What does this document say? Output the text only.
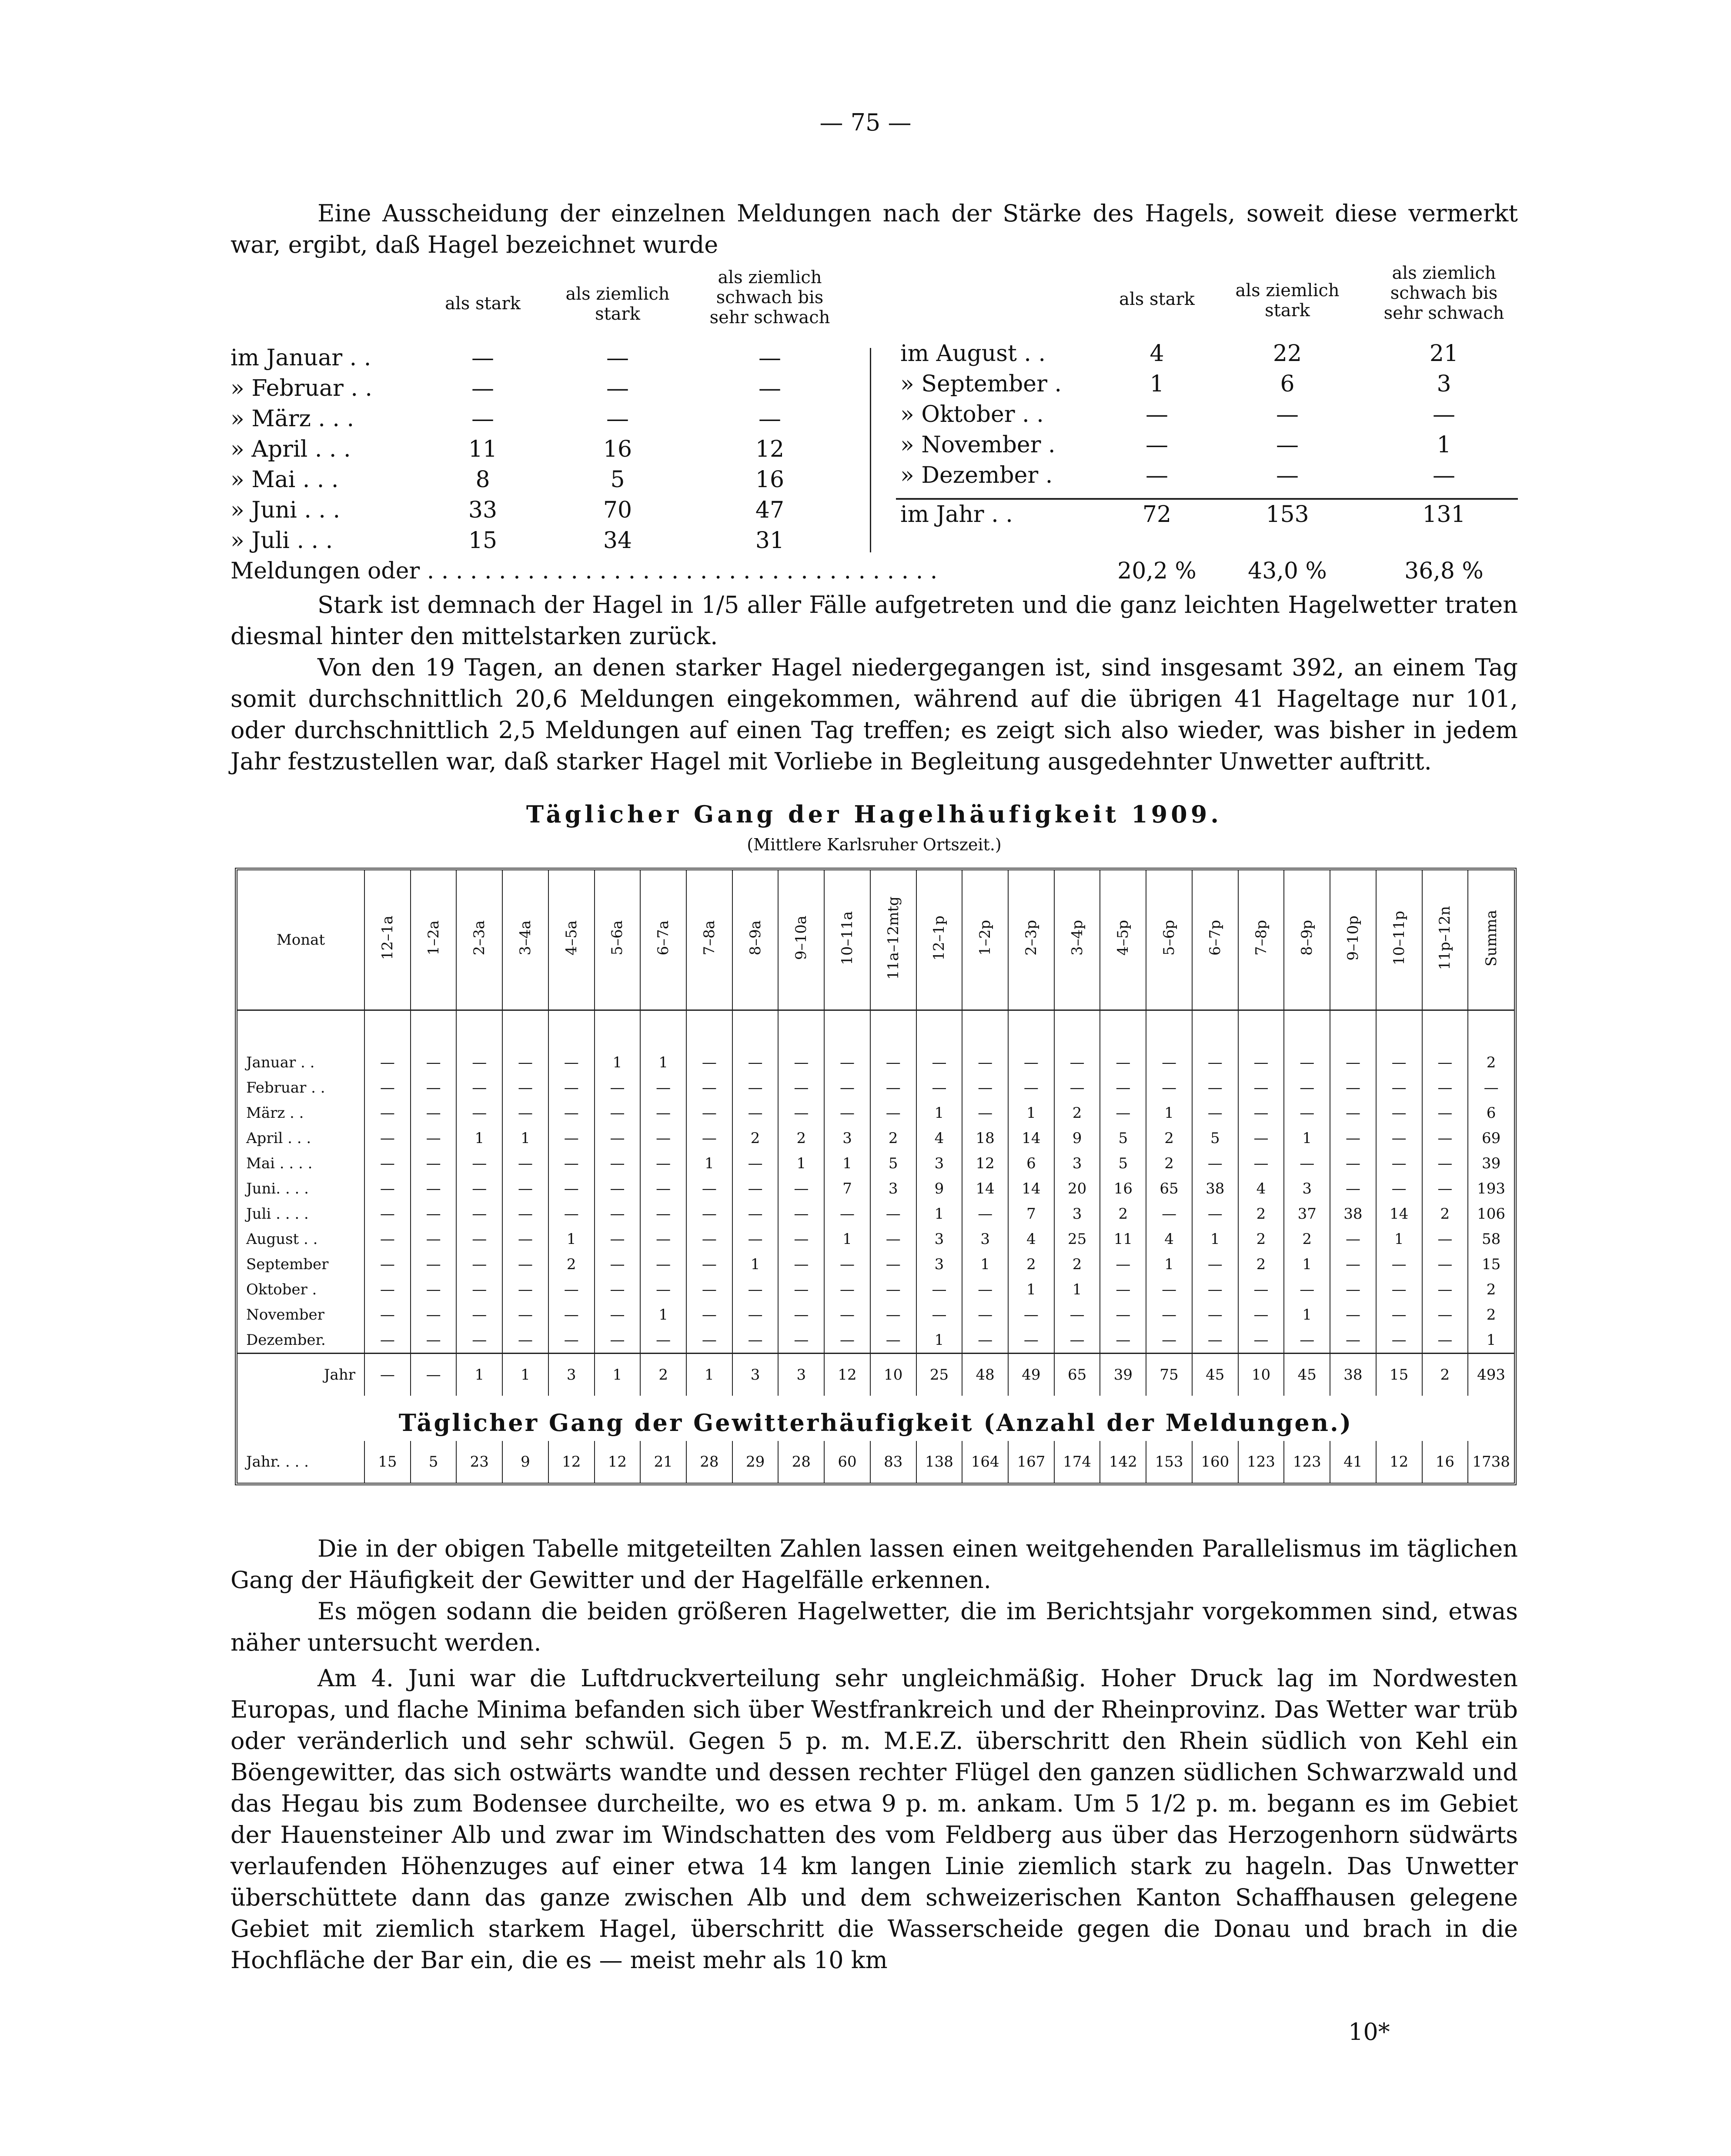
— 75 —

Eine Ausscheidung der einzelnen Meldungen nach der Stärke des Hagels, soweit diese vermerkt war, ergibt, daß Hagel bezeichnet wurde

als stark	als ziemlich stark
als ziemlich schwach bis sehr schwach
als stark	als ziemlich stark
als ziemlich schwach bis sehr schwach
im Januar . .	—	—	—
» Februar . .	—	—	—
» März . . .	—	—	—
» April . . .	11	16	12
» Mai . . .	8	5	16
» Juni . . .	33	70	47
» Juli . . .	15	34	31
im August . .	4	22	21
» September .	1	6	3
» Oktober . .	—	—	—
» November .	—	—	1
» Dezember .	—	—	—
im Jahr . .	72	153	131
Meldungen oder . . . . . . . . . . . . . . . . . . . . . . . . . . . . . . . . . . . .	20,2 % 43,0 %	36,8 %

Stark ist demnach der Hagel in 1/5 aller Fälle aufgetreten und die ganz leichten Hagelwetter traten diesmal hinter den mittelstarken zurück.

Von den 19 Tagen, an denen starker Hagel niedergegangen ist, sind insgesamt 392, an einem Tag somit durchschnittlich 20,6 Meldungen eingekommen, während auf die übrigen 41 Hageltage nur 101, oder durchschnittlich 2,5 Meldungen auf einen Tag treffen; es zeigt sich also wieder, was bisher in jedem Jahr festzustellen war, daß starker Hagel mit Vorliebe in Begleitung ausgedehnter Unwetter auftritt.

Täglicher Gang der Hagelhäufigkeit 1909.
(Mittlere Karlsruher Ortszeit.)
Monat	12–1a	1–2a	2–3a	3–4a	4–5a	5–6a	6–7a	7–8a	8–9a	9–10a	10–11a	11a–12mtg	12–1p	1–2p	2–3p	3–4p	4–5p	5–6p	6–7p	7–8p	8–9p	9–10p	10–11p	11p–12n	Summa

Januar . .	—	—	—	—	—	1	1	—	—	—	—	—	—	—	—	—	—	—	—	—	—	—	—	—	2
Februar . .	—	—	—	—	—	—	—	—	—	—	—	—	—	—	—	—	—	—	—	—	—	—	—	—	—
März . .	—	—	—	—	—	—	—	—	—	—	—	—	1	—	1	2	—	1	—	—	—	—	—	—	6
April . . .	—	—	1	1	—	—	—	—	2	2	3	2	4	18	14	9	5	2	5	—	1	—	—	—	69
Mai . . . .	—	—	—	—	—	—	—	1	—	1	1	5	3	12	6	3	5	2	—	—	—	—	—	—	39
Juni. . . .	—	—	—	—	—	—	—	—	—	—	7	3	9	14	14	20	16	65	38	4	3	—	—	—	193
Juli . . . .	—	—	—	—	—	—	—	—	—	—	—	—	1	—	7	3	2	—	—	2	37	38	14	2	106
August . .	—	—	—	—	1	—	—	—	—	—	1	—	3	3	4	25	11	4	1	2	2	—	1	—	58
September	—	—	—	—	2	—	—	—	1	—	—	—	3	1	2	2	—	1	—	2	1	—	—	—	15
Oktober .	—	—	—	—	—	—	—	—	—	—	—	—	—	—	1	1	—	—	—	—	—	—	—	—	2
November	—	—	—	—	—	—	1	—	—	—	—	—	—	—	—	—	—	—	—	—	1	—	—	—	2
Dezember.	—	—	—	—	—	—	—	—	—	—	—	—	1	—	—	—	—	—	—	—	—	—	—	—	1
Jahr	—	—	1	1	3	1	2	1	3	3	12	10	25	48	49	65	39	75	45	10	45	38	15	2	493
Täglicher Gang der Gewitterhäufigkeit (Anzahl der Meldungen.)
Jahr. . . .	15	5	23	9	12	12	21	28	29	28	60	83	138	164	167	174	142	153	160	123	123	41	12	16	1738

Die in der obigen Tabelle mitgeteilten Zahlen lassen einen weitgehenden Parallelismus im täglichen Gang der Häufigkeit der Gewitter und der Hagelfälle erkennen.

Es mögen sodann die beiden größeren Hagelwetter, die im Berichtsjahr vorgekommen sind, etwas näher untersucht werden.

Am 4. Juni war die Luftdruckverteilung sehr ungleichmäßig. Hoher Druck lag im Nordwesten Europas, und flache Minima befanden sich über Westfrankreich und der Rheinprovinz. Das Wetter war trüb oder veränderlich und sehr schwül. Gegen 5 p. m. M.E.Z. überschritt den Rhein südlich von Kehl ein Böengewitter, das sich ostwärts wandte und dessen rechter Flügel den ganzen südlichen Schwarzwald und das Hegau bis zum Bodensee durcheilte, wo es etwa 9 p. m. ankam. Um 5 1/2 p. m. begann es im Gebiet der Hauensteiner Alb und zwar im Windschatten des vom Feldberg aus über das Herzogenhorn südwärts verlaufenden Höhenzuges auf einer etwa 14 km langen Linie ziemlich stark zu hageln. Das Unwetter überschüttete dann das ganze zwischen Alb und dem schweizerischen Kanton Schaffhausen gelegene Gebiet mit ziemlich starkem Hagel, überschritt die Wasserscheide gegen die Donau und brach in die Hochfläche der Bar ein, die es — meist mehr als 10 km

10*
